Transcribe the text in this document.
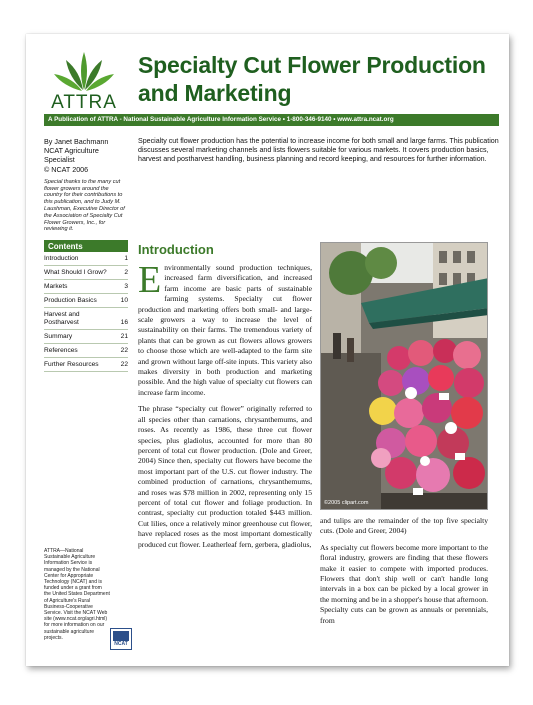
ATTRA
Specialty Cut Flower Production and Marketing
A Publication of ATTRA - National Sustainable Agriculture Information Service • 1-800-346-9140 • www.attra.ncat.org
By Janet Bachmann
NCAT Agriculture
Specialist
© NCAT 2006
Special thanks to the many cut flower growers around the country for their contributions to this publication, and to Judy M. Laushman, Executive Director of the Association of Specialty Cut Flower Growers, Inc., for reviewing it.
Contents
Introduction	1
What Should I Grow?	2
Markets	3
Production Basics	10
Harvest and
Postharvest	16
Summary	21
References	22
Further Resources	22
ATTRA—National Sustainable Agriculture Information Service is managed by the National Center for Appropriate Technology (NCAT) and is funded under a grant from the United States Department of Agriculture's Rural Business-Cooperative Service. Visit the NCAT Web site (www.ncat.org/agri.html) for more information on our sustainable agriculture projects.
NCAT
Specialty cut flower production has the potential to increase income for both small and large farms. This publication discusses several marketing channels and lists flowers suitable for various markets. It covers production basics, harvest and postharvest handling, business planning and record keeping, and resources for further information.
Introduction

Environmentally sound production techniques, increased farm diversification, and increased farm income are basic parts of sustainable farming systems. Specialty cut flower production and marketing offers both small- and large-scale growers a way to increase the level of sustainability on their farms. The tremendous variety of plants that can be grown as cut flowers allows growers to choose those which are well-adapted to the farm site and grown without large off-site inputs. This variety also makes diversity in both production and marketing possible. And the high value of specialty cut flowers can increase farm income.

The phrase “specialty cut flower” originally referred to all species other than carnations, chrysanthemums, and roses. As recently as 1986, these three cut flower species, plus gladiolus, accounted for more than 80 percent of total cut flower production. (Dole and Greer, 2004) Since then, specialty cut flowers have become the most important part of the U.S. cut flower industry. The combined production of carnations, chrysanthemums, and roses was $78 million in 2002, representing only 15 percent of total cut flower and foliage production. In contrast, specialty cut production totaled $443 million. Cut lilies, once a relatively minor greenhouse cut flower, have replaced roses as the most important domestically produced cut flower. Leatherleaf fern, gerbera, gladiolus,

©2005 clipart.com

and tulips are the remainder of the top five specialty cuts. (Dole and Greer, 2004)

As specialty cut flowers become more important to the floral industry, growers are finding that these flowers make it easier to compete with imported produces. Flowers that don't ship well or can't handle long intervals in a box can be picked by a local grower in the morning and be in a shopper's house that afternoon. Specialty cuts can be grown as annuals or perennials, from
